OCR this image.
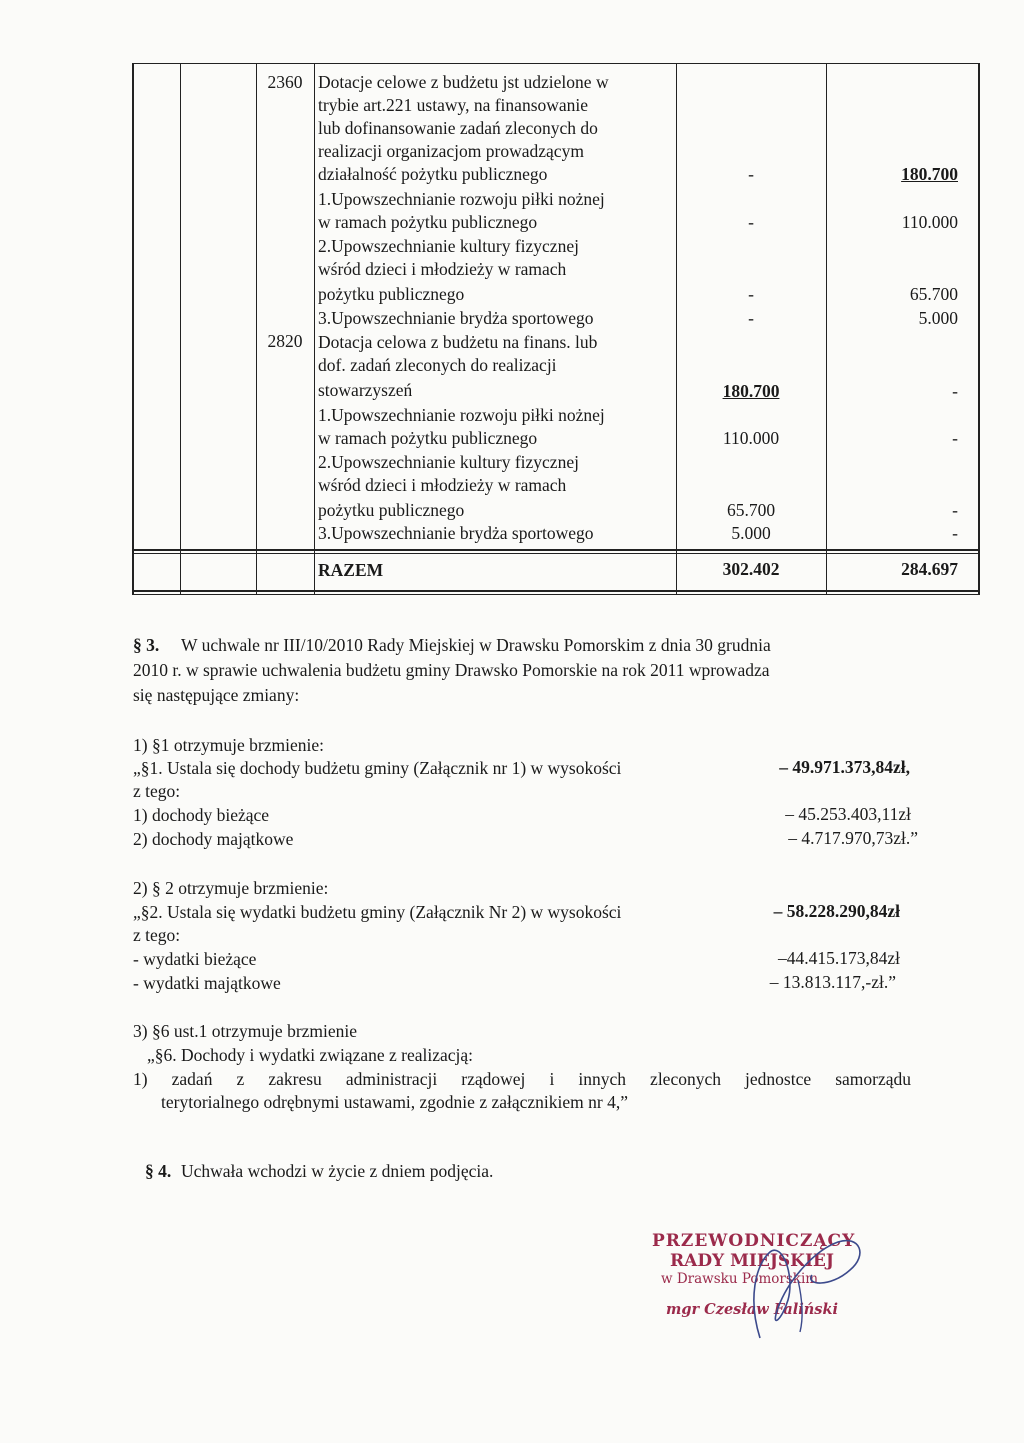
2360 Dotacje celowe z budżetu jst udzielone w
trybie art.221 ustawy, na finansowanie
lub dofinansowanie zadań zleconych do
realizacji organizacjom prowadzącym
działalność pożytku publicznego	-	180.700
1.Upowszechnianie rozwoju piłki nożnej
w ramach pożytku publicznego	-	110.000
2.Upowszechnianie kultury fizycznej
wśród dzieci i młodzieży w ramach
pożytku publicznego	-	65.700
3.Upowszechnianie brydża sportowego	-	5.000
2820 Dotacja celowa z budżetu na finans. lub
dof. zadań zleconych do realizacji
stowarzyszeń	180.700	-
1.Upowszechnianie rozwoju piłki nożnej
w ramach pożytku publicznego	110.000	-
2.Upowszechnianie kultury fizycznej
wśród dzieci i młodzieży w ramach
pożytku publicznego	65.700	-
3.Upowszechnianie brydża sportowego	5.000	-
RAZEM	302.402	284.697
§ 3. W uchwale nr III/10/2010 Rady Miejskiej w Drawsku Pomorskim z dnia 30 grudnia
2010 r. w sprawie uchwalenia budżetu gminy Drawsko Pomorskie na rok 2011 wprowadza
się następujące zmiany:
1) §1 otrzymuje brzmienie:
„§1. Ustala się dochody budżetu gminy (Załącznik nr 1) w wysokości	– 49.971.373,84zł,
z tego:
1) dochody bieżące	– 45.253.403,11zł
2) dochody majątkowe	– 4.717.970,73zł.”
2) § 2 otrzymuje brzmienie:
„§2. Ustala się wydatki budżetu gminy (Załącznik Nr 2) w wysokości	– 58.228.290,84zł
z tego:
- wydatki bieżące	–44.415.173,84zł
- wydatki majątkowe	– 13.813.117,-zł.”
3) §6 ust.1 otrzymuje brzmienie
„§6. Dochody i wydatki związane z realizacją:
1) zadań z zakresu administracji rządowej i innych zleconych jednostce samorządu
terytorialnego odrębnymi ustawami, zgodnie z załącznikiem nr 4,”
§ 4. Uchwała wchodzi w życie z dniem podjęcia.
PRZEWODNICZĄCY
RADY MIEJSKIEJ
w Drawsku Pomorskim
mgr Czesław Faliński
